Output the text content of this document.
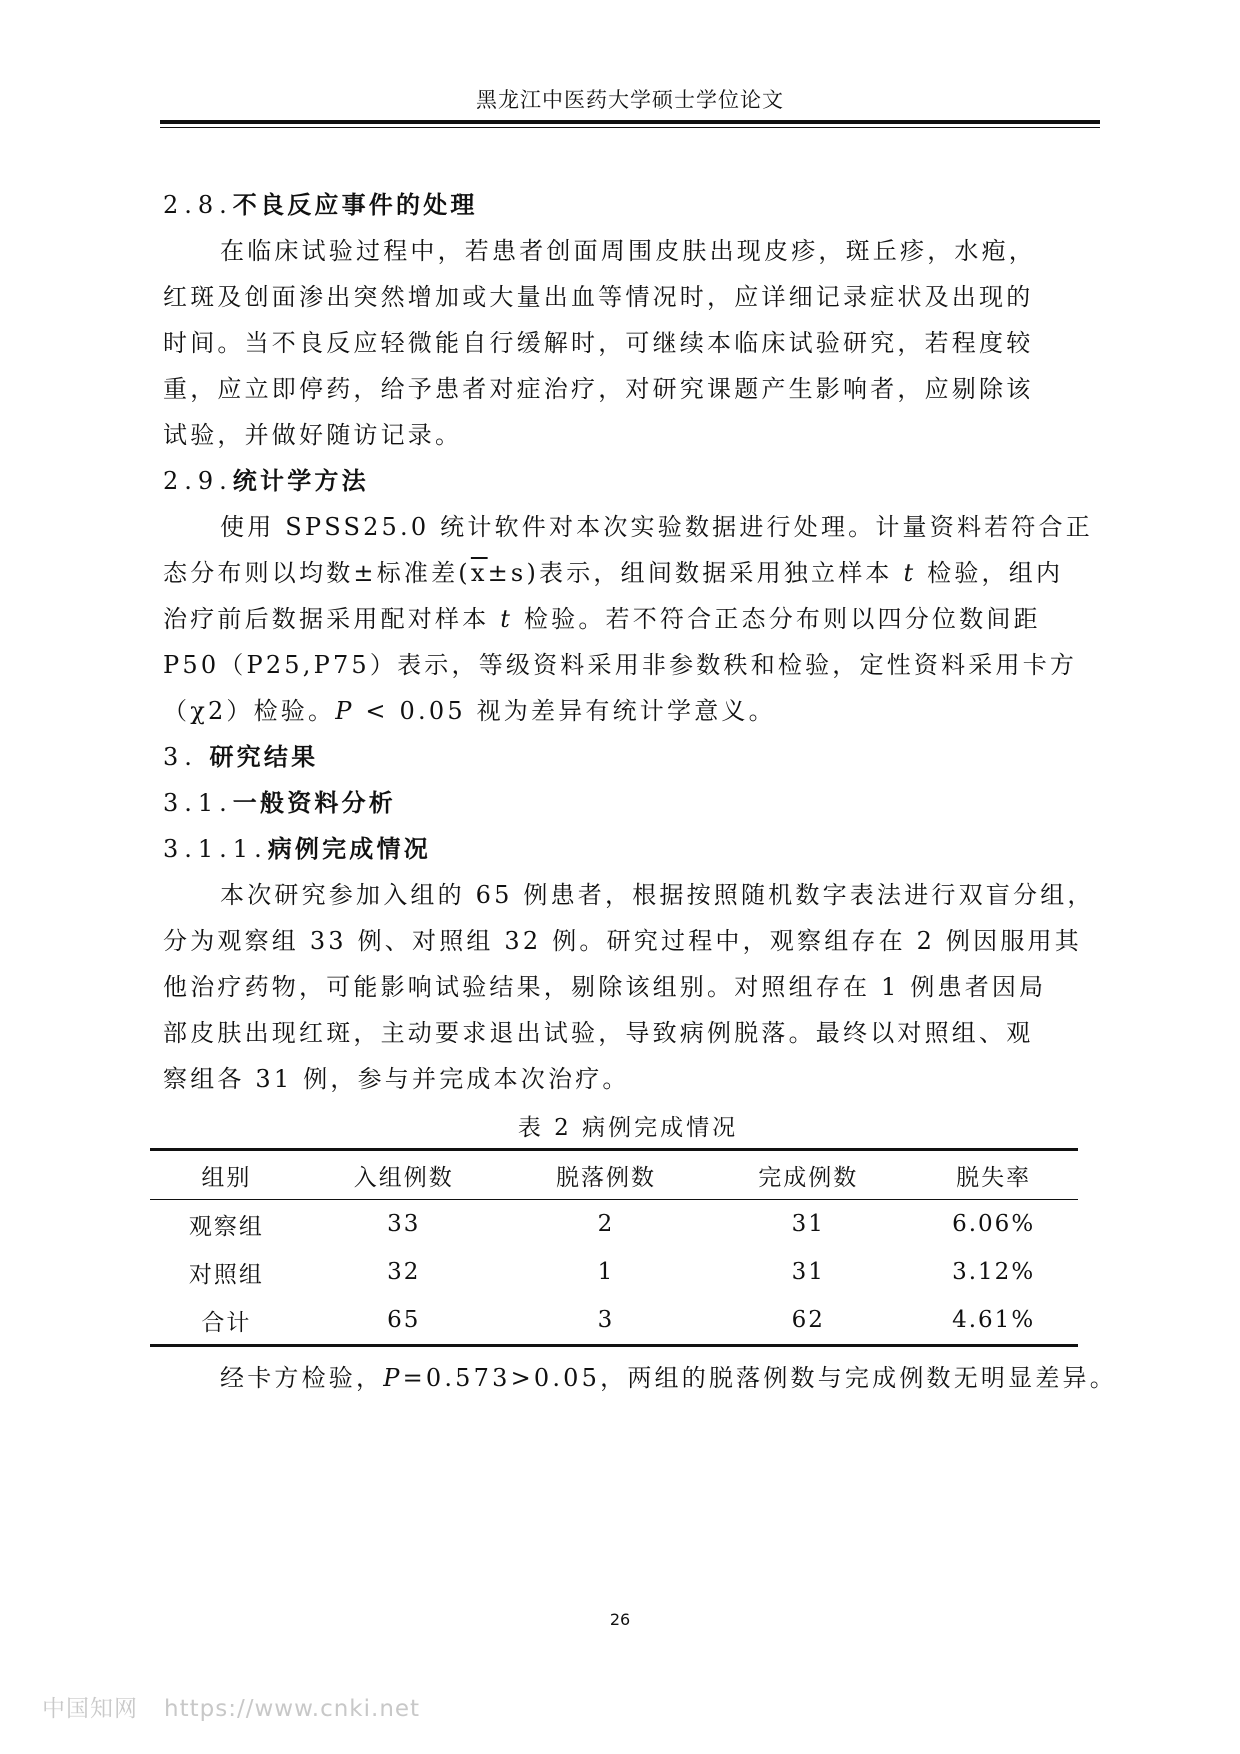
黑龙江中医药大学硕士学位论文
2.8.不良反应事件的处理
在临床试验过程中，若患者创面周围皮肤出现皮疹，斑丘疹，水疱，
红斑及创面渗出突然增加或大量出血等情况时，应详细记录症状及出现的
时间。当不良反应轻微能自行缓解时，可继续本临床试验研究，若程度较
重，应立即停药，给予患者对症治疗，对研究课题产生影响者，应剔除该
试验，并做好随访记录。
2.9.统计学方法
使用 SPSS25.0 统计软件对本次实验数据进行处理。计量资料若符合正
态分布则以均数±标准差$(\overline{x}\pm s)$表示，组间数据采用独立样本 t 检验，组内
治疗前后数据采用配对样本 t 检验。若不符合正态分布则以四分位数间距
P50（P25,P75）表示，等级资料采用非参数秩和检验，定性资料采用卡方
（χ2）检验。P < 0.05 视为差异有统计学意义。
3. 研究结果
3.1.一般资料分析
3.1.1.病例完成情况
本次研究参加入组的 65 例患者，根据按照随机数字表法进行双盲分组，
分为观察组 33 例、对照组 32 例。研究过程中，观察组存在 2 例因服用其
他治疗药物，可能影响试验结果，剔除该组别。对照组存在 1 例患者因局
部皮肤出现红斑，主动要求退出试验，导致病例脱落。最终以对照组、观
察组各 31 例，参与并完成本次治疗。
表 2 病例完成情况
组别	入组例数	脱落例数	完成例数	脱失率
观察组	33	2	31	6.06%
对照组	32	1	31	3.12%
合计	65	3	62	4.61%
经卡方检验，P=0.573>0.05，两组的脱落例数与完成例数无明显差异。
26
中国知网 https://www.cnki.net
